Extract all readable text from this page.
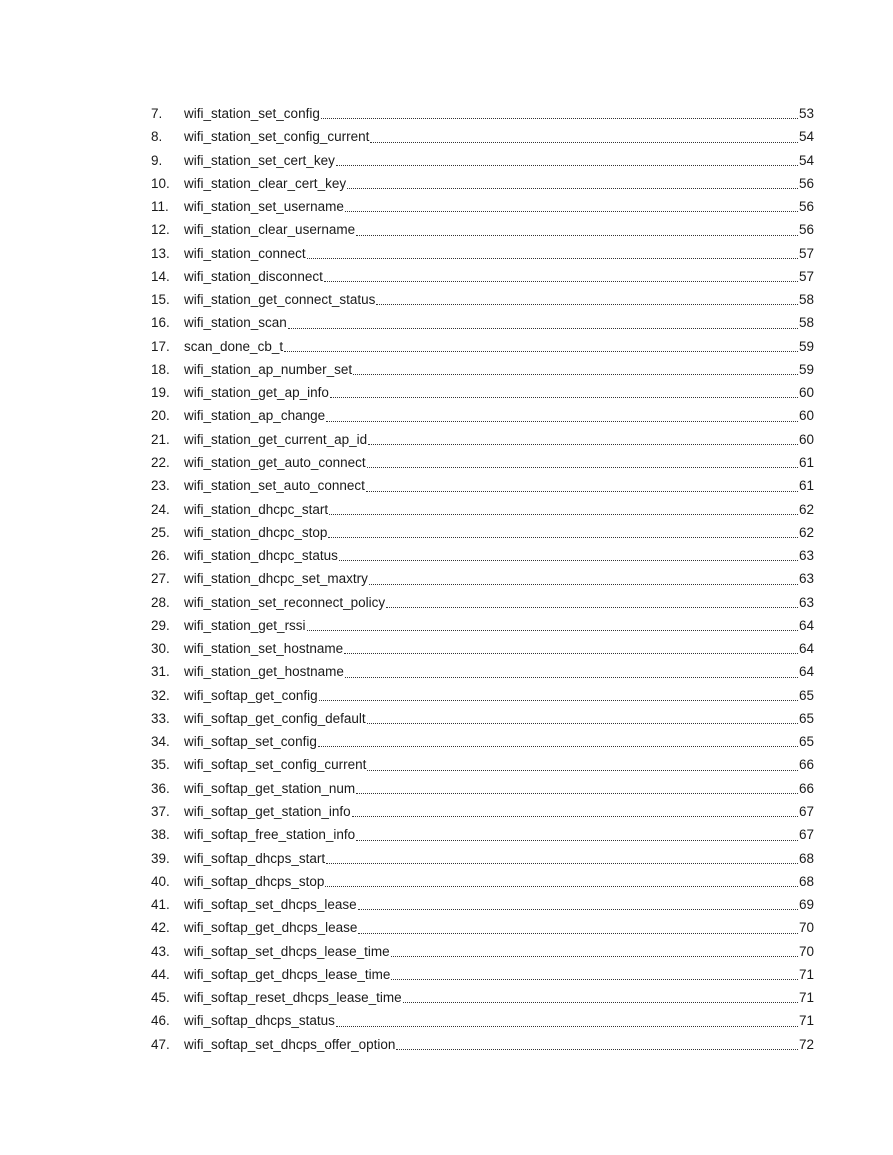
7.	wifi_station_set_config	53
8.	wifi_station_set_config_current	54
9.	wifi_station_set_cert_key	54
10.	wifi_station_clear_cert_key	56
11.	wifi_station_set_username	56
12.	wifi_station_clear_username	56
13.	wifi_station_connect	57
14.	wifi_station_disconnect	57
15.	wifi_station_get_connect_status	58
16.	wifi_station_scan	58
17.	scan_done_cb_t	59
18.	wifi_station_ap_number_set	59
19.	wifi_station_get_ap_info	60
20.	wifi_station_ap_change	60
21.	wifi_station_get_current_ap_id	60
22.	wifi_station_get_auto_connect	61
23.	wifi_station_set_auto_connect	61
24.	wifi_station_dhcpc_start	62
25.	wifi_station_dhcpc_stop	62
26.	wifi_station_dhcpc_status	63
27.	wifi_station_dhcpc_set_maxtry	63
28.	wifi_station_set_reconnect_policy	63
29.	wifi_station_get_rssi	64
30.	wifi_station_set_hostname	64
31.	wifi_station_get_hostname	64
32.	wifi_softap_get_config	65
33.	wifi_softap_get_config_default	65
34.	wifi_softap_set_config	65
35.	wifi_softap_set_config_current	66
36.	wifi_softap_get_station_num	66
37.	wifi_softap_get_station_info	67
38.	wifi_softap_free_station_info	67
39.	wifi_softap_dhcps_start	68
40.	wifi_softap_dhcps_stop	68
41.	wifi_softap_set_dhcps_lease	69
42.	wifi_softap_get_dhcps_lease	70
43.	wifi_softap_set_dhcps_lease_time	70
44.	wifi_softap_get_dhcps_lease_time	71
45.	wifi_softap_reset_dhcps_lease_time	71
46.	wifi_softap_dhcps_status	71
47.	wifi_softap_set_dhcps_offer_option	72
